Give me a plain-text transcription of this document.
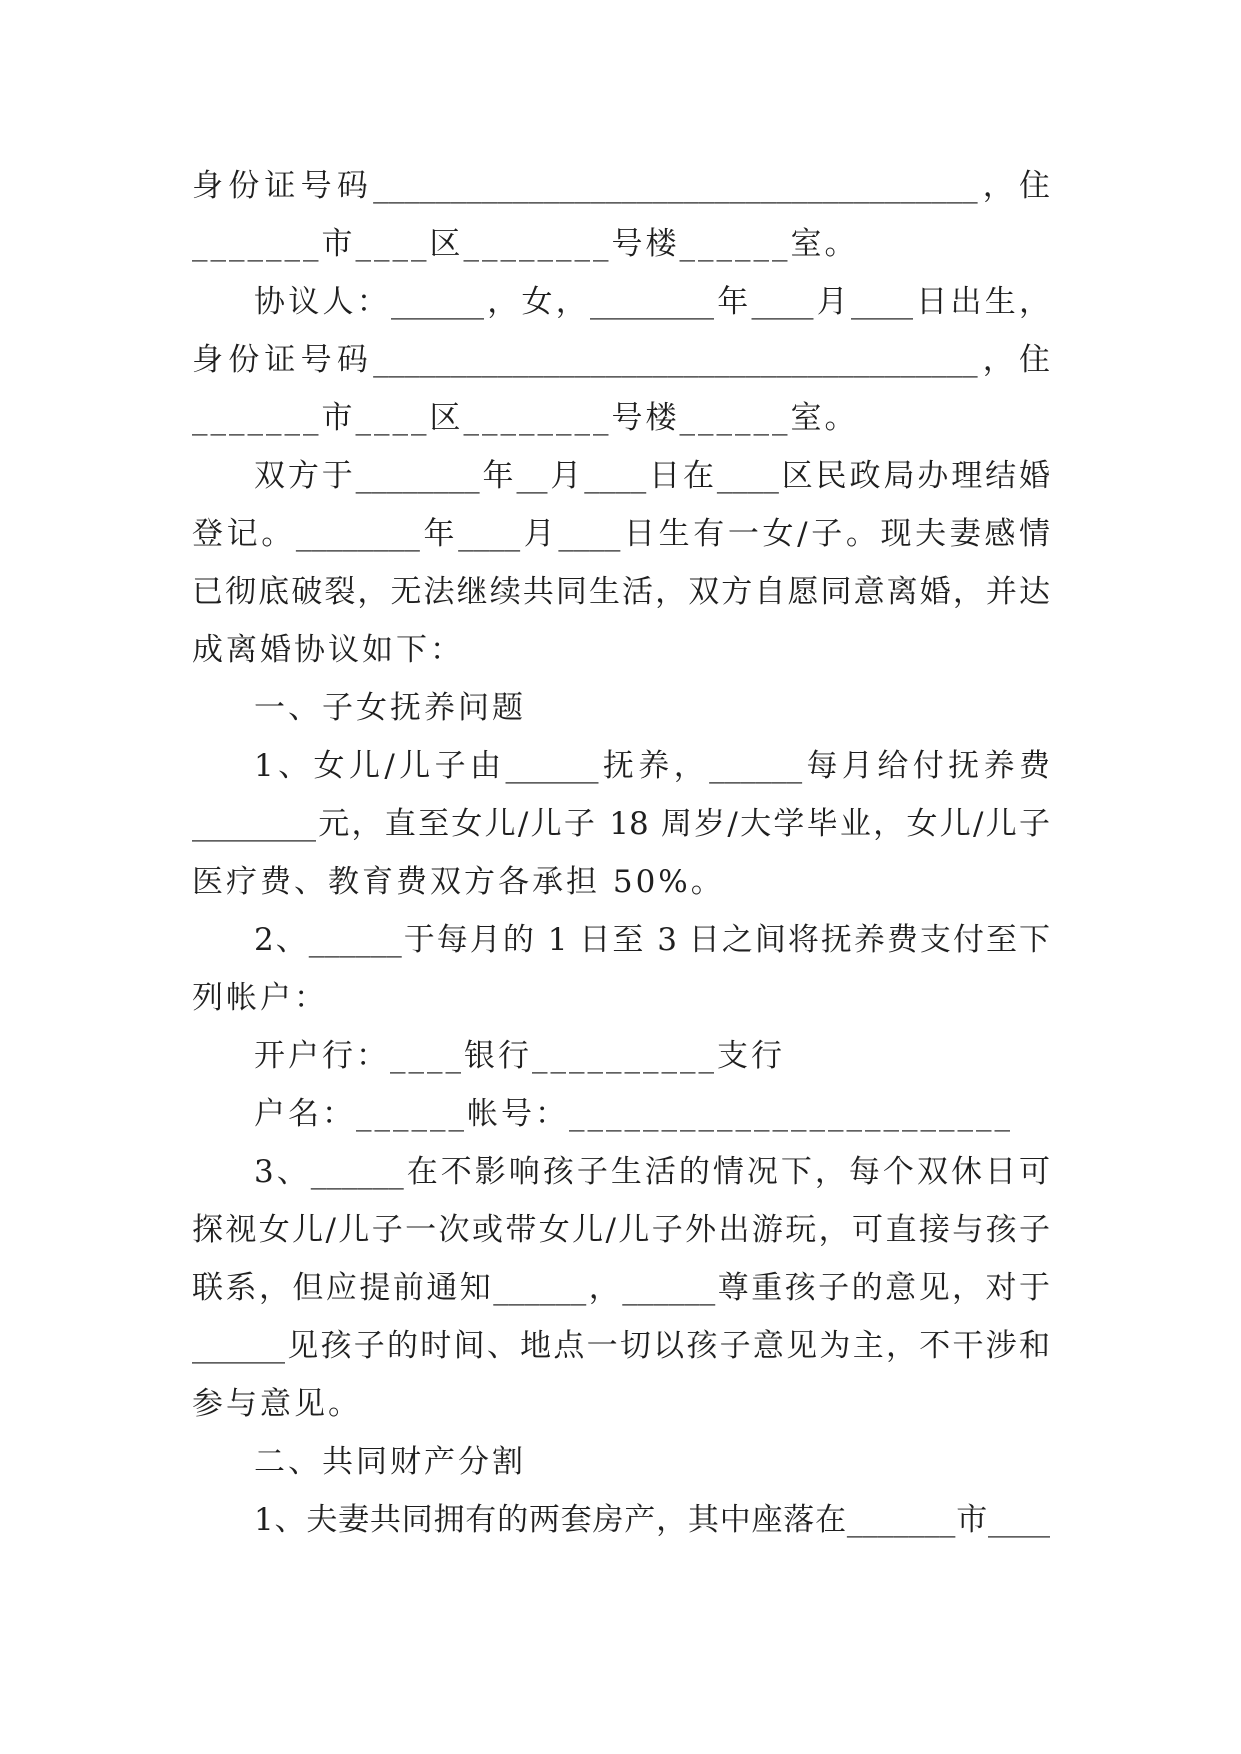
身份证号码_______________________________________，住
_______市____区________号楼______室。
协议人：______，女，________年____月____日出生，
身份证号码_______________________________________，住
_______市____区________号楼______室。
双方于________年__月____日在____区民政局办理结婚
登记。________年____月____日生有一女/子。现夫妻感情
已彻底破裂，无法继续共同生活，双方自愿同意离婚，并达
成离婚协议如下：
一、子女抚养问题
1、女儿/儿子由______抚养，______每月给付抚养费
________元，直至女儿/儿子 18 周岁/大学毕业，女儿/儿子
医疗费、教育费双方各承担 50%。
2、______于每月的 1 日至 3 日之间将抚养费支付至下
列帐户：
开户行：____银行__________支行
户名：______帐号：________________________
3、______在不影响孩子生活的情况下，每个双休日可
探视女儿/儿子一次或带女儿/儿子外出游玩，可直接与孩子
联系，但应提前通知______，______尊重孩子的意见，对于
______见孩子的时间、地点一切以孩子意见为主，不干涉和
参与意见。
二、共同财产分割
1、夫妻共同拥有的两套房产，其中座落在_______市____
